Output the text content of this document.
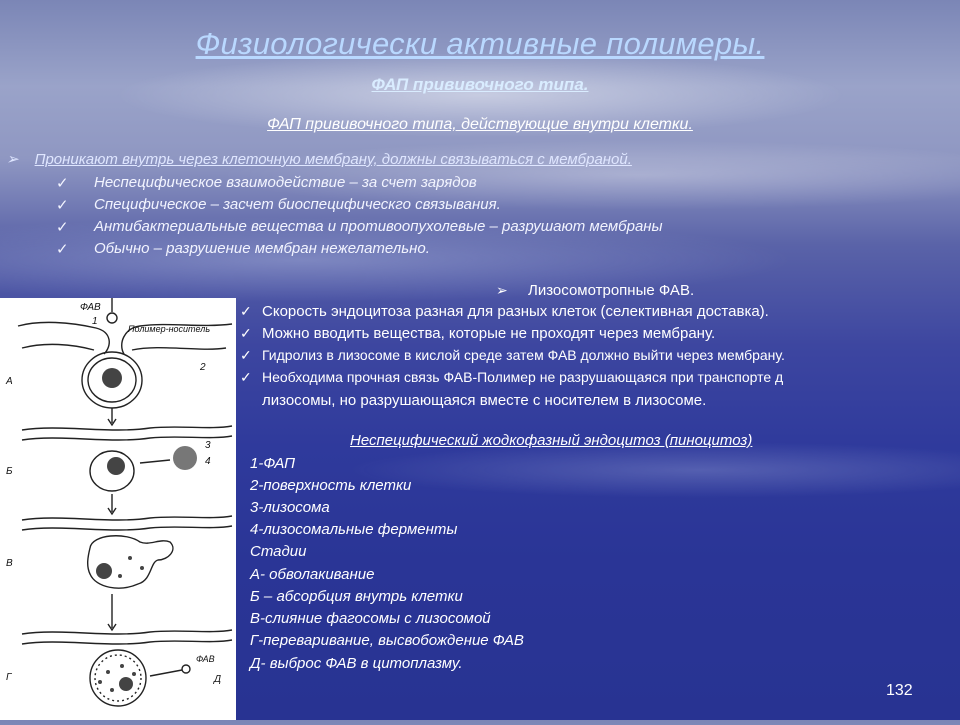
Физиологически активные полимеры.
ФАП прививочного типа.
ФАП прививочного типа, действующие внутри клетки.
➢ Проникают внутрь через клеточную мембрану, должны связываться с мембраной.
✓ Неспецифическое взаимодействие – за счет зарядов
✓ Специфическое – засчет биоспецифическго связывания.
✓ Антибактериальные вещества и противоопухолевые – разрушают мембраны
✓ Обычно – разрушение мембран нежелательно.
➢ Лизосомотропные ФАВ.
✓ Скорость эндоцитоза разная для разных клеток (селективная доставка).
✓ Можно вводить вещества, которые не проходят через мембрану.
✓ Гидролиз в лизосоме в кислой среде затем ФАВ должно выйти через мембрану.
✓ Необходима прочная связь ФАВ-Полимер не разрушающаяся при транспорте д
лизосомы, но разрушающаяся вместе с носителем в лизосоме.
Неспецифический жодкофазный эндоцитоз (пиноцитоз)
1-ФАП
2-поверхность клетки
3-лизосома
4-лизосомальные ферменты
Стадии
А- обволакивание
Б – абсорбция внутрь клетки
В-слияние фагосомы с лизосомой
Г-переваривание, высвобождение ФАВ
Д- выброс ФАВ в цитоплазму.
ФАВ
1
Полимер-носитель
2
3
4
ФАВ
А
Б
В
Г	Д
132
